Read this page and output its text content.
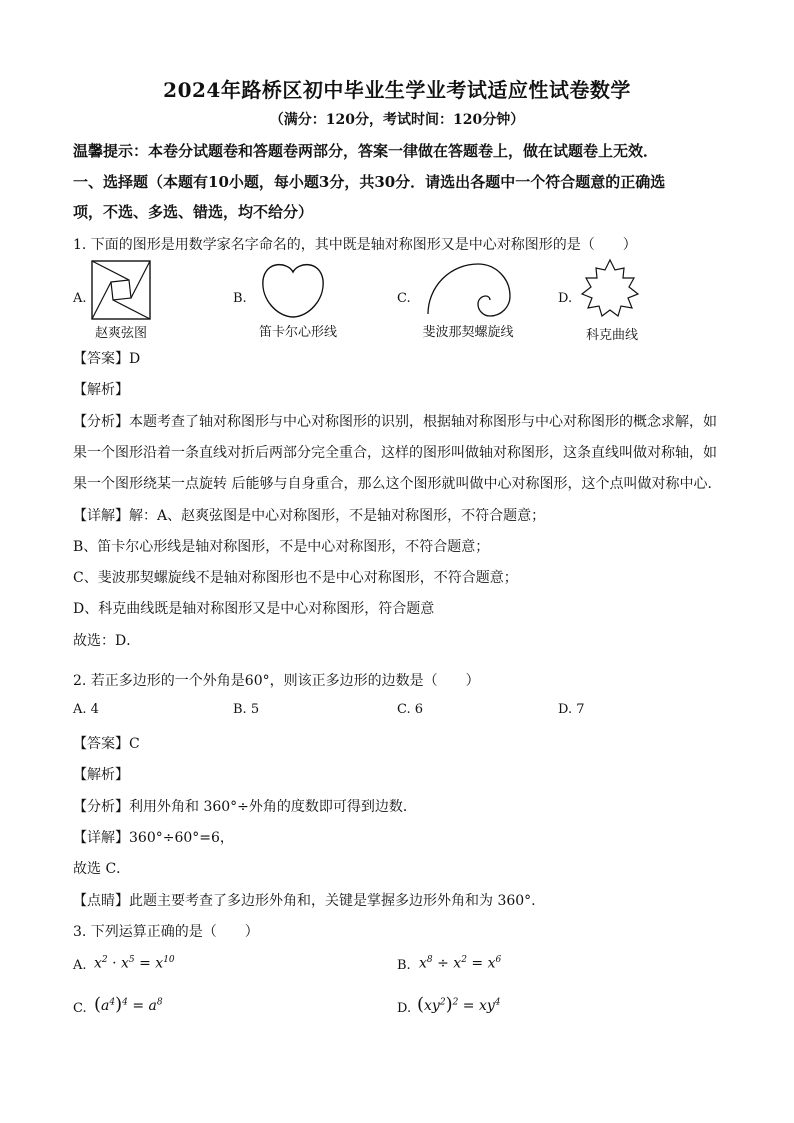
2024年路桥区初中毕业生学业考试适应性试卷数学
（满分：120分，考试时间：120分钟）
温馨提示：本卷分试题卷和答题卷两部分，答案一律做在答题卷上，做在试题卷上无效．
一、选择题（本题有10小题，每小题3分，共30分．请选出各题中一个符合题意的正确选
项，不选、多选、错选，均不给分）
1. 下面的图形是用数学家名字命名的，其中既是轴对称图形又是中心对称图形的是（　　）
A.
赵爽弦图
B.
笛卡尔心形线
C.
斐波那契螺旋线
D.
科克曲线
【答案】D
【解析】
【分析】本题考查了轴对称图形与中心对称图形的识别，根据轴对称图形与中心对称图形的概念求解，如
果一个图形沿着一条直线对折后两部分完全重合，这样的图形叫做轴对称图形，这条直线叫做对称轴，如
果一个图形绕某一点旋转 后能够与自身重合，那么这个图形就叫做中心对称图形，这个点叫做对称中心．
【详解】解：A、赵爽弦图是中心对称图形，不是轴对称图形，不符合题意；
B、笛卡尔心形线是轴对称图形，不是中心对称图形，不符合题意；
C、斐波那契螺旋线不是轴对称图形也不是中心对称图形，不符合题意；
D、科克曲线既是轴对称图形又是中心对称图形，符合题意
故选：D．
2. 若正多边形的一个外角是60°，则该正多边形的边数是（　　）
A. 4	B. 5	C. 6	D. 7
【答案】C
【解析】
【分析】利用外角和 360°÷外角的度数即可得到边数．
【详解】360°÷60°=6，
故选 C．
【点睛】此题主要考查了多边形外角和，关键是掌握多边形外角和为 360°.
3. 下列运算正确的是（　　）
A. $x^2 \cdot x^5 = x^{10}$	B. $x^8 \div x^2 = x^6$
C. $(a^4)^4 = a^8$	D. $(xy^2)^2 = xy^4$
